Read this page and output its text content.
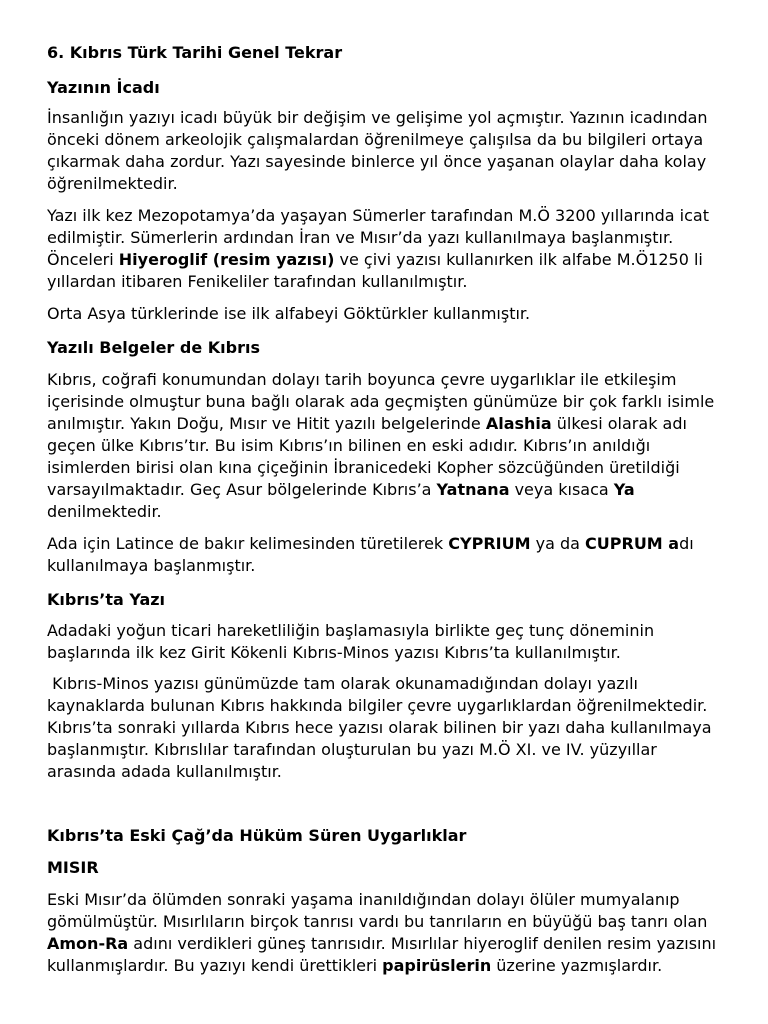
6. Kıbrıs Türk Tarihi Genel Tekrar

Yazının İcadı

İnsanlığın yazıyı icadı büyük bir değişim ve gelişime yol açmıştır. Yazının icadından

önceki dönem arkeolojik çalışmalardan öğrenilmeye çalışılsa da bu bilgileri ortaya

çıkarmak daha zordur. Yazı sayesinde binlerce yıl önce yaşanan olaylar daha kolay

öğrenilmektedir.

Yazı ilk kez Mezopotamya’da yaşayan Sümerler tarafından M.Ö 3200 yıllarında icat

edilmiştir. Sümerlerin ardından İran ve Mısır’da yazı kullanılmaya başlanmıştır.

Önceleri Hiyeroglif (resim yazısı) ve çivi yazısı kullanırken ilk alfabe M.Ö1250 li

yıllardan itibaren Fenikeliler tarafından kullanılmıştır.

Orta Asya türklerinde ise ilk alfabeyi Göktürkler kullanmıştır.

Yazılı Belgeler de Kıbrıs

Kıbrıs, coğrafi konumundan dolayı tarih boyunca çevre uygarlıklar ile etkileşim

içerisinde olmuştur buna bağlı olarak ada geçmişten günümüze bir çok farklı isimle

anılmıştır. Yakın Doğu, Mısır ve Hitit yazılı belgelerinde Alashia ülkesi olarak adı

geçen ülke Kıbrıs’tır. Bu isim Kıbrıs’ın bilinen en eski adıdır. Kıbrıs’ın anıldığı

isimlerden birisi olan kına çiçeğinin İbranicedeki Kopher sözcüğünden üretildiği

varsayılmaktadır. Geç Asur bölgelerinde Kıbrıs’a Yatnana veya kısaca Ya

denilmektedir.

Ada için Latince de bakır kelimesinden türetilerek CYPRIUM ya da CUPRUM adı

kullanılmaya başlanmıştır.

Kıbrıs’ta Yazı

Adadaki yoğun ticari hareketliliğin başlamasıyla birlikte geç tunç döneminin

başlarında ilk kez Girit Kökenli Kıbrıs-Minos yazısı Kıbrıs’ta kullanılmıştır.

Kıbrıs-Minos yazısı günümüzde tam olarak okunamadığından dolayı yazılı

kaynaklarda bulunan Kıbrıs hakkında bilgiler çevre uygarlıklardan öğrenilmektedir.

Kıbrıs’ta sonraki yıllarda Kıbrıs hece yazısı olarak bilinen bir yazı daha kullanılmaya

başlanmıştır. Kıbrıslılar tarafından oluşturulan bu yazı M.Ö XI. ve IV. yüzyıllar

arasında adada kullanılmıştır.

Kıbrıs’ta Eski Çağ’da Hüküm Süren Uygarlıklar

MISIR

Eski Mısır’da ölümden sonraki yaşama inanıldığından dolayı ölüler mumyalanıp

gömülmüştür. Mısırlıların birçok tanrısı vardı bu tanrıların en büyüğü baş tanrı olan

Amon-Ra adını verdikleri güneş tanrısıdır. Mısırlılar hiyeroglif denilen resim yazısını

kullanmışlardır. Bu yazıyı kendi ürettikleri papirüslerin üzerine yazmışlardır.
